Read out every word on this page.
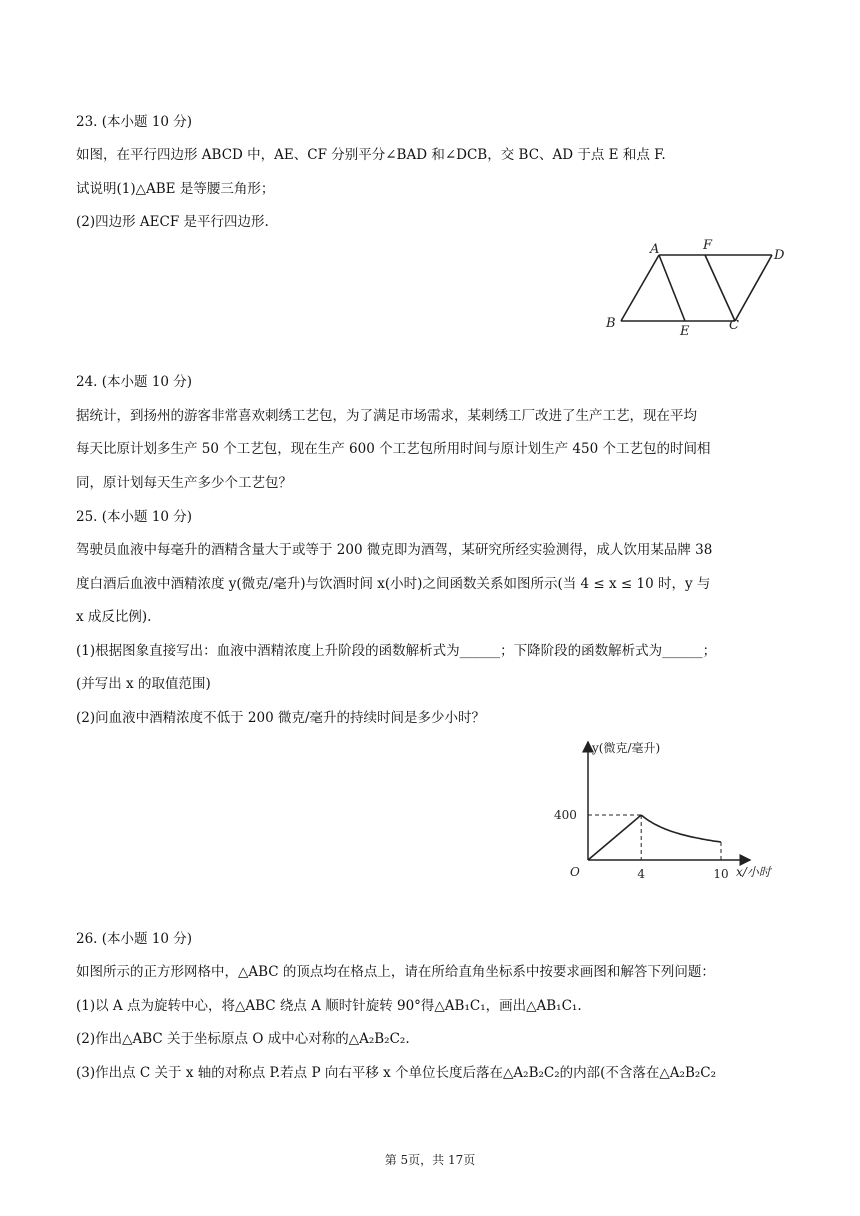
23. (本小题 10 分)
如图，在平行四边形 ABCD 中，AE、CF 分别平分∠BAD 和∠DCB，交 BC、AD 于点 E 和点 F.
试说明(1)△ABE 是等腰三角形；
(2)四边形 AECF 是平行四边形.
A	F
D
B
E	C
24. (本小题 10 分)
据统计，到扬州的游客非常喜欢刺绣工艺包，为了满足市场需求，某刺绣工厂改进了生产工艺，现在平均
每天比原计划多生产 50 个工艺包，现在生产 600 个工艺包所用时间与原计划生产 450 个工艺包的时间相
同，原计划每天生产多少个工艺包？
25. (本小题 10 分)
驾驶员血液中每毫升的酒精含量大于或等于 200 微克即为酒驾，某研究所经实验测得，成人饮用某品牌 38
度白酒后血液中酒精浓度 y(微克/毫升)与饮酒时间 x(小时)之间函数关系如图所示(当 4 ≤ x ≤ 10 时，y 与
x 成反比例).
(1)根据图象直接写出：血液中酒精浓度上升阶段的函数解析式为______；下降阶段的函数解析式为______；
(并写出 x 的取值范围)
(2)问血液中酒精浓度不低于 200 微克/毫升的持续时间是多少小时？
y(微克/毫升)
x/小时
O
400
4	10
26. (本小题 10 分)
如图所示的正方形网格中，△ABC 的顶点均在格点上，请在所给直角坐标系中按要求画图和解答下列问题：
(1)以 A 点为旋转中心，将△ABC 绕点 A 顺时针旋转 90°得△AB₁C₁，画出△AB₁C₁.
(2)作出△ABC 关于坐标原点 O 成中心对称的△A₂B₂C₂.
(3)作出点 C 关于 x 轴的对称点 P.若点 P 向右平移 x 个单位长度后落在△A₂B₂C₂的内部(不含落在△A₂B₂C₂
第 5页，共 17页
